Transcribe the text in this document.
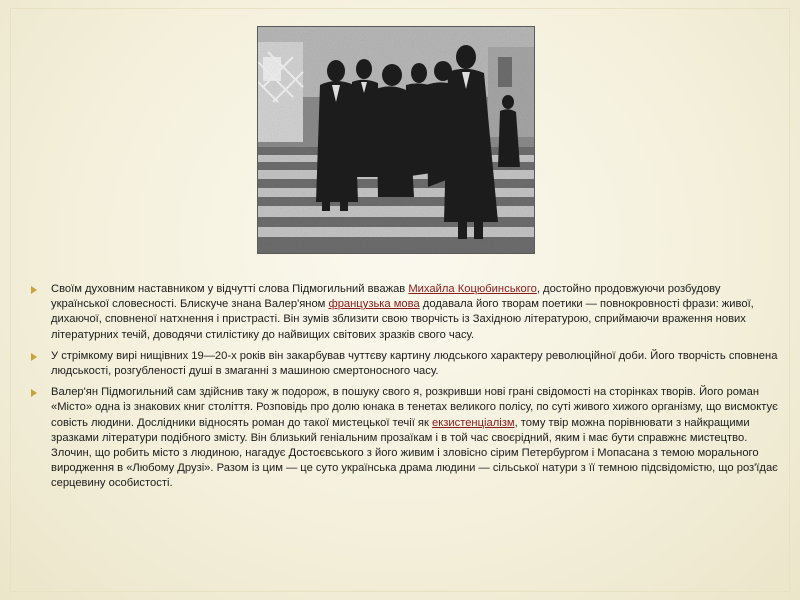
Своїм духовним наставником у відчутті слова Підмогильний вважав Михайла Коцюбинського, достойно продовжуючи розбудову української словесності. Блискуче знана Валер'яном французька мова додавала його творам поетики — повнокровності фрази: живої, дихаючої, сповненої натхнення і пристрасті. Він зумів зблизити свою творчість із Західною літературою, сприймаючи враження нових літературних течій, доводячи стилістику до найвищих світових зразків свого часу.
У стрімкому вирі нищівних 19—20-х років він закарбував чуттєву картину людського характеру революційної доби. Його творчість сповнена людськості, розгубленості душі в змаганні з машиною смертоносного часу.
Валер'ян Підмогильний сам здійснив таку ж подорож, в пошуку свого я, розкривши нові грані свідомості на сторінках творів. Його роман «Місто» одна із знакових книг століття. Розповідь про долю юнака в тенетах великого полісу, по суті живого хижого організму, що висмоктує совість людини. Дослідники відносять роман до такої мистецької течії як екзистенціалізм, тому твір можна порівнювати з найкращими зразками літератури подібного змісту. Він близький геніальним прозаїкам і в той час своєрідний, яким і має бути справжнє мистецтво. Злочин, що робить місто з людиною, нагадує Достоєвського з його живим і зловісно сірим Петербургом і Мопасана з темою морального виродження в «Любому Друзі». Разом із цим — це суто українська драма людини — сільської натури з її темною підсвідомістю, що роз'їдає серцевину особистості.
